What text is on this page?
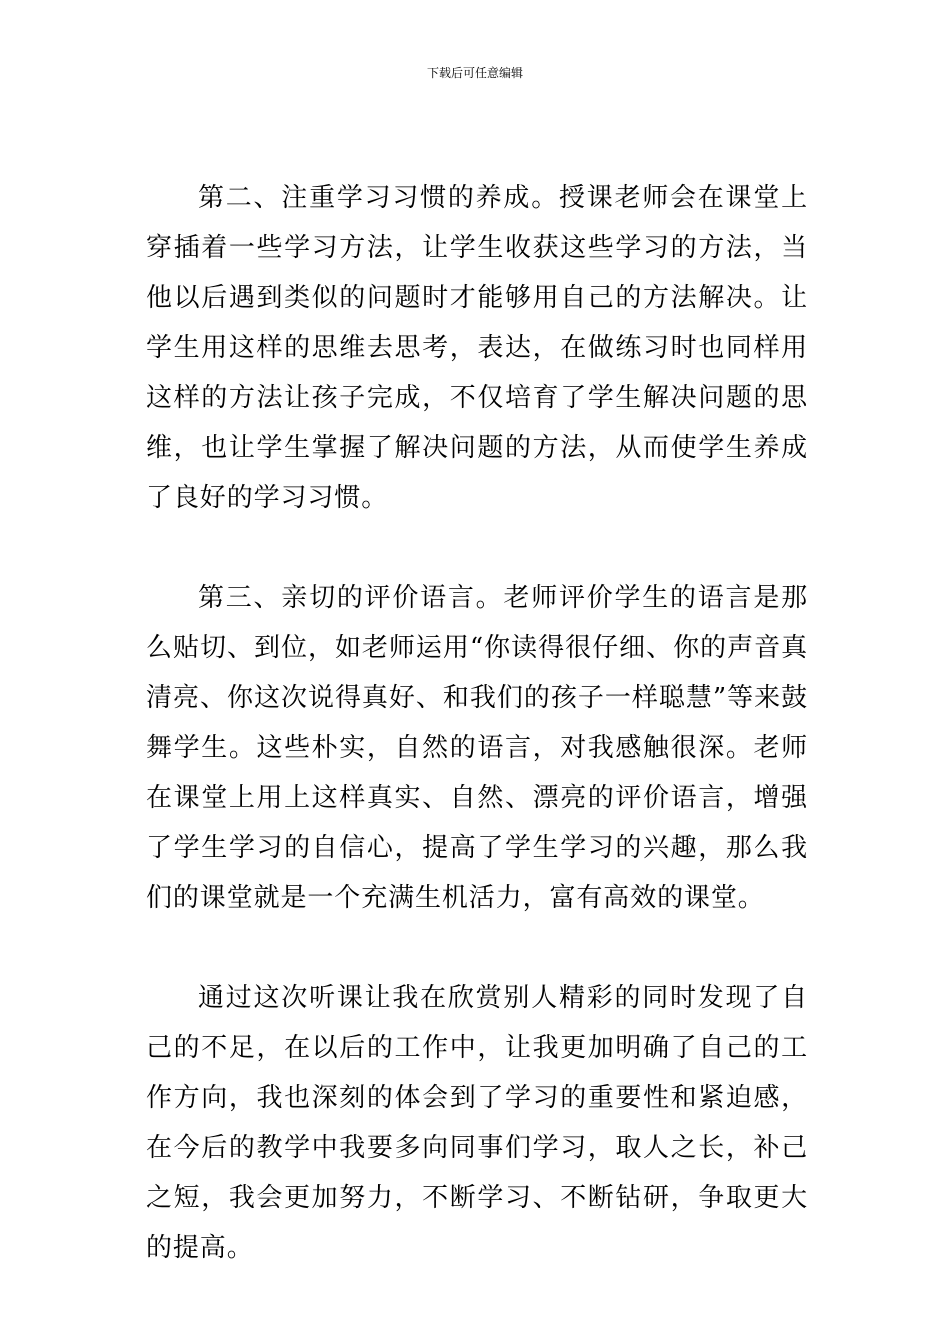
下载后可任意编辑

第二、注重学习习惯的养成。授课老师会在课堂上穿插着一些学习方法，让学生收获这些学习的方法，当他以后遇到类似的问题时才能够用自己的方法解决。让学生用这样的思维去思考，表达，在做练习时也同样用这样的方法让孩子完成，不仅培育了学生解决问题的思维，也让学生掌握了解决问题的方法，从而使学生养成了良好的学习习惯。

第三、亲切的评价语言。老师评价学生的语言是那么贴切、到位，如老师运用“你读得很仔细、你的声音真清亮、你这次说得真好、和我们的孩子一样聪慧”等来鼓舞学生。这些朴实，自然的语言，对我感触很深。老师在课堂上用上这样真实、自然、漂亮的评价语言，增强了学生学习的自信心，提高了学生学习的兴趣，那么我们的课堂就是一个充满生机活力，富有高效的课堂。

通过这次听课让我在欣赏别人精彩的同时发现了自己的不足，在以后的工作中，让我更加明确了自己的工作方向，我也深刻的体会到了学习的重要性和紧迫感，在今后的教学中我要多向同事们学习，取人之长，补己之短，我会更加努力，不断学习、不断钻研，争取更大的提高。
